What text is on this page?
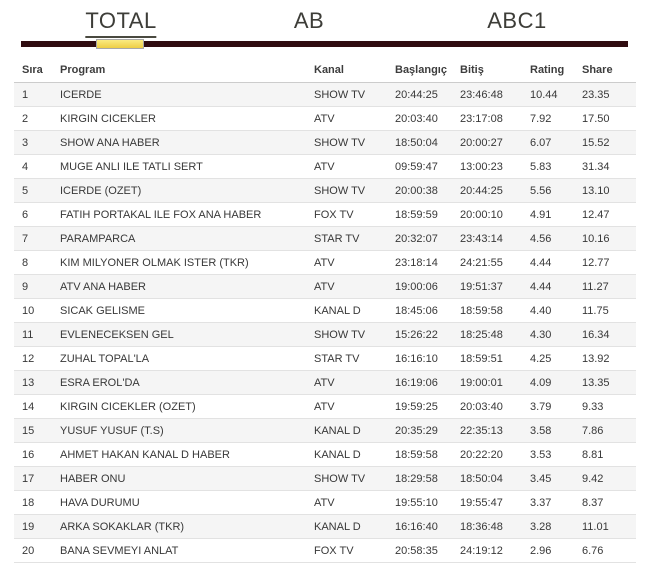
TOTAL	AB	ABC1
Sıra	Program	Kanal	Başlangıç	Bitiş	Rating	Share
1	ICERDE	SHOW TV	20:44:25	23:46:48	10.44	23.35
2	KIRGIN CICEKLER	ATV	20:03:40	23:17:08	7.92	17.50
3	SHOW ANA HABER	SHOW TV	18:50:04	20:00:27	6.07	15.52
4	MUGE ANLI ILE TATLI SERT	ATV	09:59:47	13:00:23	5.83	31.34
5	ICERDE (OZET)	SHOW TV	20:00:38	20:44:25	5.56	13.10
6	FATIH PORTAKAL ILE FOX ANA HABER	FOX TV	18:59:59	20:00:10	4.91	12.47
7	PARAMPARCA	STAR TV	20:32:07	23:43:14	4.56	10.16
8	KIM MILYONER OLMAK ISTER (TKR)	ATV	23:18:14	24:21:55	4.44	12.77
9	ATV ANA HABER	ATV	19:00:06	19:51:37	4.44	11.27
10	SICAK GELISME	KANAL D	18:45:06	18:59:58	4.40	11.75
11	EVLENECEKSEN GEL	SHOW TV	15:26:22	18:25:48	4.30	16.34
12	ZUHAL TOPAL'LA	STAR TV	16:16:10	18:59:51	4.25	13.92
13	ESRA EROL'DA	ATV	16:19:06	19:00:01	4.09	13.35
14	KIRGIN CICEKLER (OZET)	ATV	19:59:25	20:03:40	3.79	9.33
15	YUSUF YUSUF (T.S)	KANAL D	20:35:29	22:35:13	3.58	7.86
16	AHMET HAKAN KANAL D HABER	KANAL D	18:59:58	20:22:20	3.53	8.81
17	HABER ONU	SHOW TV	18:29:58	18:50:04	3.45	9.42
18	HAVA DURUMU	ATV	19:55:10	19:55:47	3.37	8.37
19	ARKA SOKAKLAR (TKR)	KANAL D	16:16:40	18:36:48	3.28	11.01
20	BANA SEVMEYI ANLAT	FOX TV	20:58:35	24:19:12	2.96	6.76
